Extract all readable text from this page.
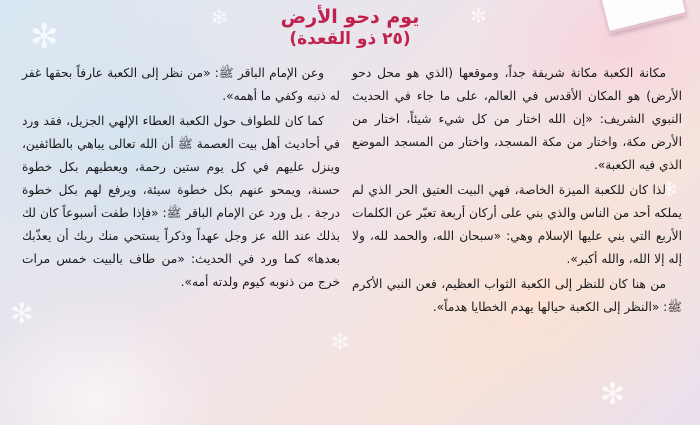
✻	❄
✻
❄
✻
❄
✼
يوم دحو الأرض
(٢٥ ذو القعدة)

مكانة الكعبة مكانة شريفة جداً، وموقعها (الذي هو محل دحو الأرض) هو المكان الأقدس في العالم، على ما جاء في الحديث النبوي الشريف: «إن الله اختار من كل شيء شيئاً، اختار من الأرض مكة، واختار من مكة المسجد، واختار من المسجد الموضع الذي فيه الكعبة».

لذا كان للكعبة الميزة الخاصة، فهي البيت العتيق الحر الذي لم يملكه أحد من الناس والذي بني على أركان أربعة تعبّر عن الكلمات الأربع التي بني عليها الإسلام وهي: «سبحان الله، والحمد لله، ولا إله إلا الله، والله أكبر».

من هنا كان للنظر إلى الكعبة الثواب العظيم، فعن النبي الأكرم ﷺ: «النظر إلى الكعبة حيالها يهدم الخطايا هدماً».

وعن الإمام الباقر ﷺ: «من نظر إلى الكعبة عارفاً بحقها غفر له ذنبه وكفي ما أهمه».

كما كان للطواف حول الكعبة العطاء الإلهي الجزيل، فقد ورد في أحاديث أهل بيت العصمة ﷺ أن الله تعالى يباهي بالطائفين، وينزل عليهم في كل يوم ستين رحمة، ويعطيهم بكل خطوة حسنة، ويمحو عنهم بكل خطوة سيئة، ويرفع لهم بكل خطوة درجة . بل ورد عن الإمام الباقر ﷺ: «فإذا طفت أسبوعاً كان لك بذلك عند الله عز وجل عهداً وذكراً يستحي منك ربك أن يعذّبك بعدها» كما ورد في الحديث: «من طاف بالبيت خمس مرات خرج من ذنوبه كيوم ولدته أمه».
